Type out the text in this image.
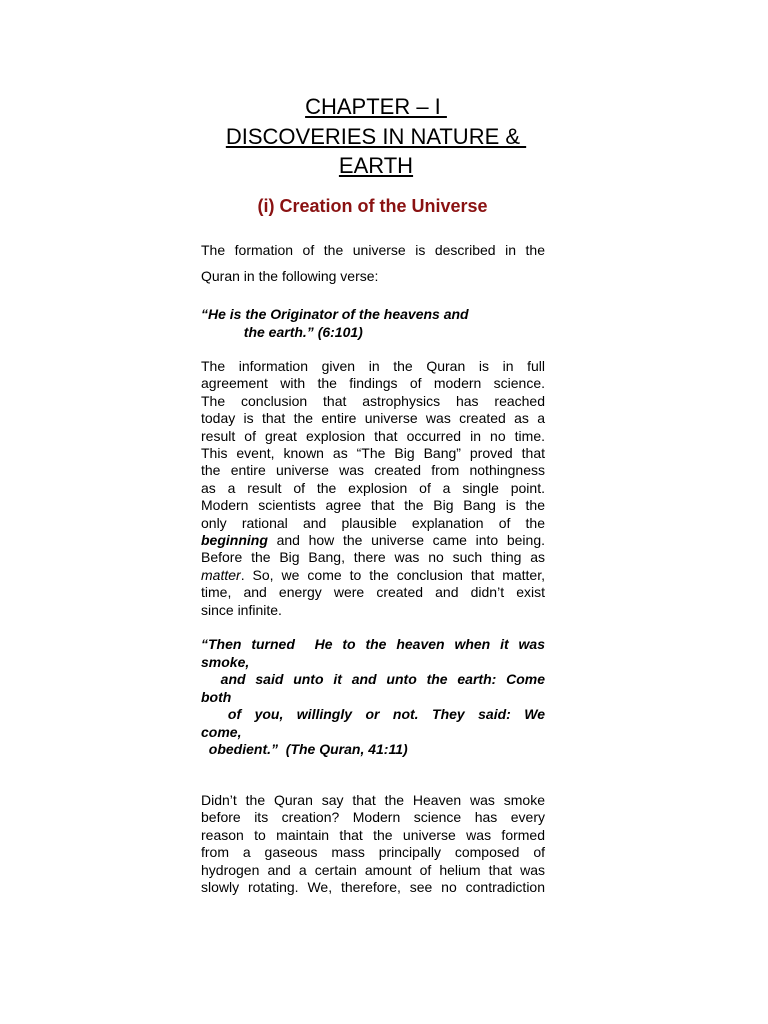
CHAPTER – I
DISCOVERIES IN NATURE &
EARTH
(i) Creation of the Universe
The formation of the universe is described in the
Quran in the following verse:
“He is the Originator of the heavens and
the earth.” (6:101)
The information given in the Quran is in full
agreement with the findings of modern science.
The conclusion that astrophysics has reached
today is that the entire universe was created as a
result of great explosion that occurred in no time.
This event, known as “The Big Bang” proved that
the entire universe was created from nothingness
as a result of the explosion of a single point.
Modern scientists agree that the Big Bang is the
only rational and plausible explanation of the
beginning and how the universe came into being.
Before the Big Bang, there was no such thing as
matter. So, we come to the conclusion that matter,
time, and energy were created and didn’t exist
since infinite.
“Then turned  He to the heaven when it was
smoke,
and said unto it and unto the earth: Come
both
of you, willingly or not. They said: We
come,
obedient.”  (The Quran, 41:11)
Didn’t the Quran say that the Heaven was smoke
before its creation? Modern science has every
reason to maintain that the universe was formed
from a gaseous mass principally composed of
hydrogen and a certain amount of helium that was
slowly rotating. We, therefore, see no contradiction
